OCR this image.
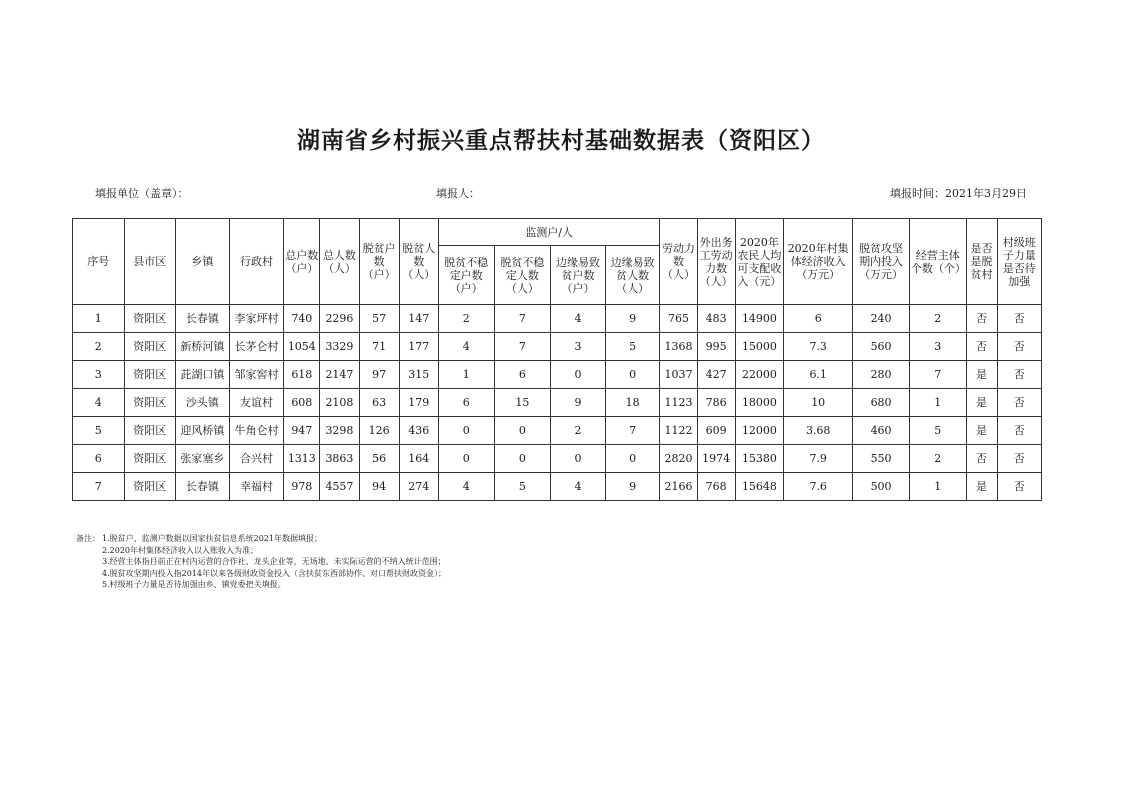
湖南省乡村振兴重点帮扶村基础数据表（资阳区）
填报单位（盖章）：	填报人：	填报时间：2021年3月29日
序号	县市区	乡镇	行政村	总户数（户）	总人数（人）	脱贫户数（户）	脱贫人数（人）	监测户/人				劳动力数（人）	外出务工劳动力数（人）	2020年农民人均可支配收入（元）	2020年村集体经济收入（万元）	脱贫攻坚期内投入（万元）	经营主体个数（个）	是否是脱贫村	村级班子力量是否待加强
								脱贫不稳定户数（户）	脱贫不稳定人数（人）	边缘易致贫户数（户）	边缘易致贫人数（人）								
1	资阳区	长春镇	李家坪村	740	2296	57	147	2	7	4	9	765	483	14900	6	240	2	否	否
2	资阳区	新桥河镇	长茅仑村	1054	3329	71	177	4	7	3	5	1368	995	15000	7.3	560	3	否	否
3	资阳区	茈湖口镇	邹家窖村	618	2147	97	315	1	6	0	0	1037	427	22000	6.1	280	7	是	否
4	资阳区	沙头镇	友谊村	608	2108	63	179	6	15	9	18	1123	786	18000	10	680	1	是	否
5	资阳区	迎风桥镇	牛角仑村	947	3298	126	436	0	0	2	7	1122	609	12000	3.68	460	5	是	否
6	资阳区	张家塞乡	合兴村	1313	3863	56	164	0	0	0	0	2820	1974	15380	7.9	550	2	否	否
7	资阳区	长春镇	幸福村	978	4557	94	274	4	5	4	9	2166	768	15648	7.6	500	1	是	否
备注： 1.脱贫户、监测户数据以国家扶贫信息系统2021年数据填报；
2.2020年村集体经济收入以入账收入为准；
3.经营主体指目前正在村内运营的合作社、龙头企业等，无场地、未实际运营的不纳入统计范围；
4.脱贫攻坚期内投入指2014年以来各级财政资金投入（含扶贫东西部协作、对口帮扶财政资金）；
5.村级班子力量是否待加强由乡、镇党委把关填报。
